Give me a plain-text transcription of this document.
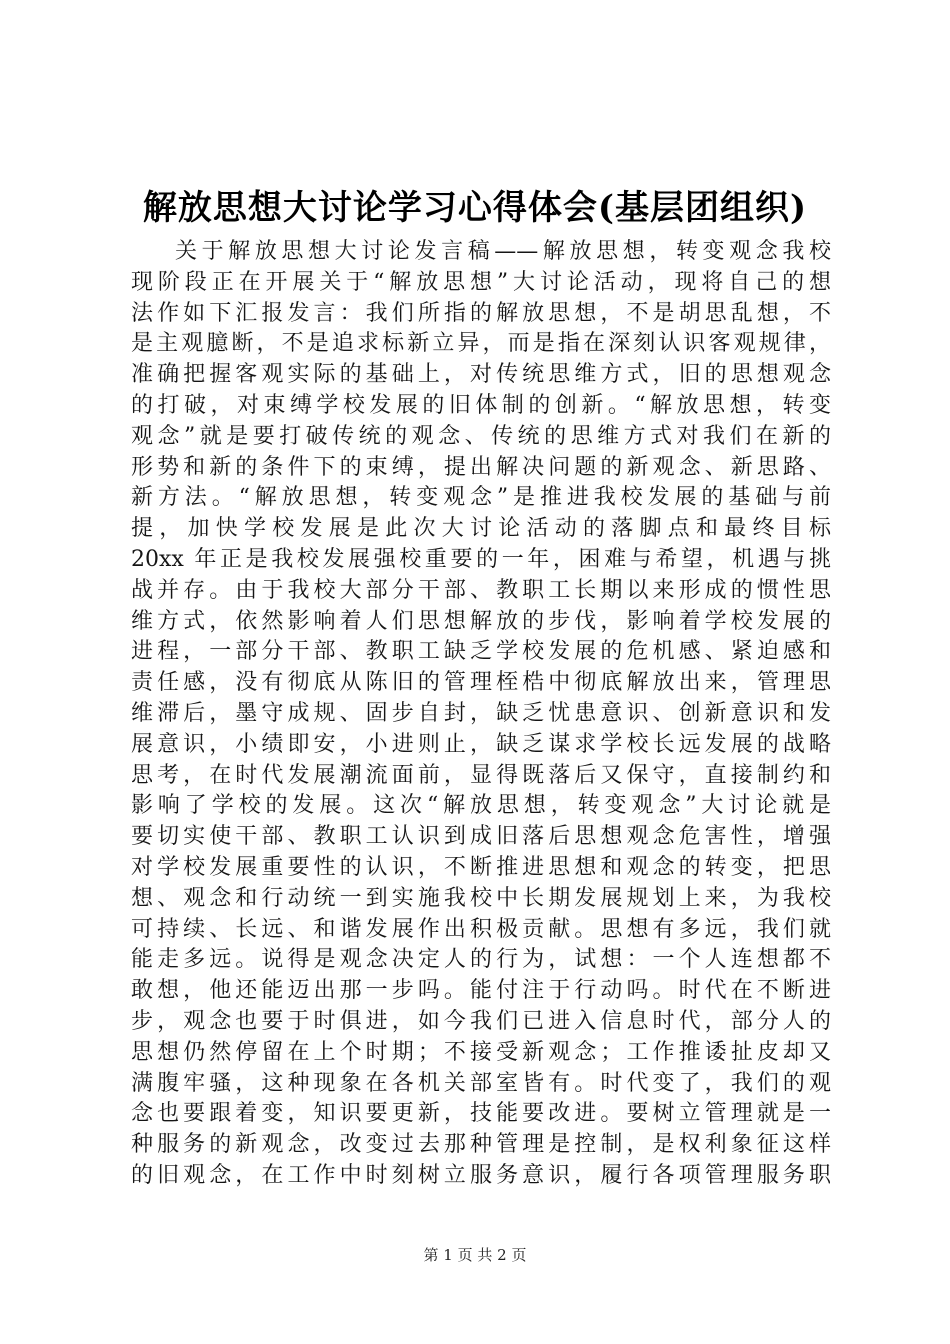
解放思想大讨论学习心得体会(基层团组织)
关于解放思想大讨论发言稿——解放思想，转变观念我校
现阶段正在开展关于“解放思想”大讨论活动，现将自己的想
法作如下汇报发言：我们所指的解放思想，不是胡思乱想，不
是主观臆断，不是追求标新立异，而是指在深刻认识客观规律，
准确把握客观实际的基础上，对传统思维方式，旧的思想观念
的打破，对束缚学校发展的旧体制的创新。“解放思想，转变
观念”就是要打破传统的观念、传统的思维方式对我们在新的
形势和新的条件下的束缚，提出解决问题的新观念、新思路、
新方法。“解放思想，转变观念”是推进我校发展的基础与前
提，加快学校发展是此次大讨论活动的落脚点和最终目标
20xx 年正是我校发展强校重要的一年，困难与希望，机遇与挑
战并存。由于我校大部分干部、教职工长期以来形成的惯性思
维方式，依然影响着人们思想解放的步伐，影响着学校发展的
进程，一部分干部、教职工缺乏学校发展的危机感、紧迫感和
责任感，没有彻底从陈旧的管理桎梏中彻底解放出来，管理思
维滞后，墨守成规、固步自封，缺乏忧患意识、创新意识和发
展意识，小绩即安，小进则止，缺乏谋求学校长远发展的战略
思考，在时代发展潮流面前，显得既落后又保守，直接制约和
影响了学校的发展。这次“解放思想，转变观念”大讨论就是
要切实使干部、教职工认识到成旧落后思想观念危害性，增强
对学校发展重要性的认识，不断推进思想和观念的转变，把思
想、观念和行动统一到实施我校中长期发展规划上来，为我校
可持续、长远、和谐发展作出积极贡献。思想有多远，我们就
能走多远。说得是观念决定人的行为，试想：一个人连想都不
敢想，他还能迈出那一步吗。能付注于行动吗。时代在不断进
步，观念也要于时俱进，如今我们已进入信息时代，部分人的
思想仍然停留在上个时期；不接受新观念；工作推诿扯皮却又
满腹牢骚，这种现象在各机关部室皆有。时代变了，我们的观
念也要跟着变，知识要更新，技能要改进。要树立管理就是一
种服务的新观念，改变过去那种管理是控制，是权利象征这样
的旧观念，在工作中时刻树立服务意识，履行各项管理服务职
第 1 页 共 2 页
